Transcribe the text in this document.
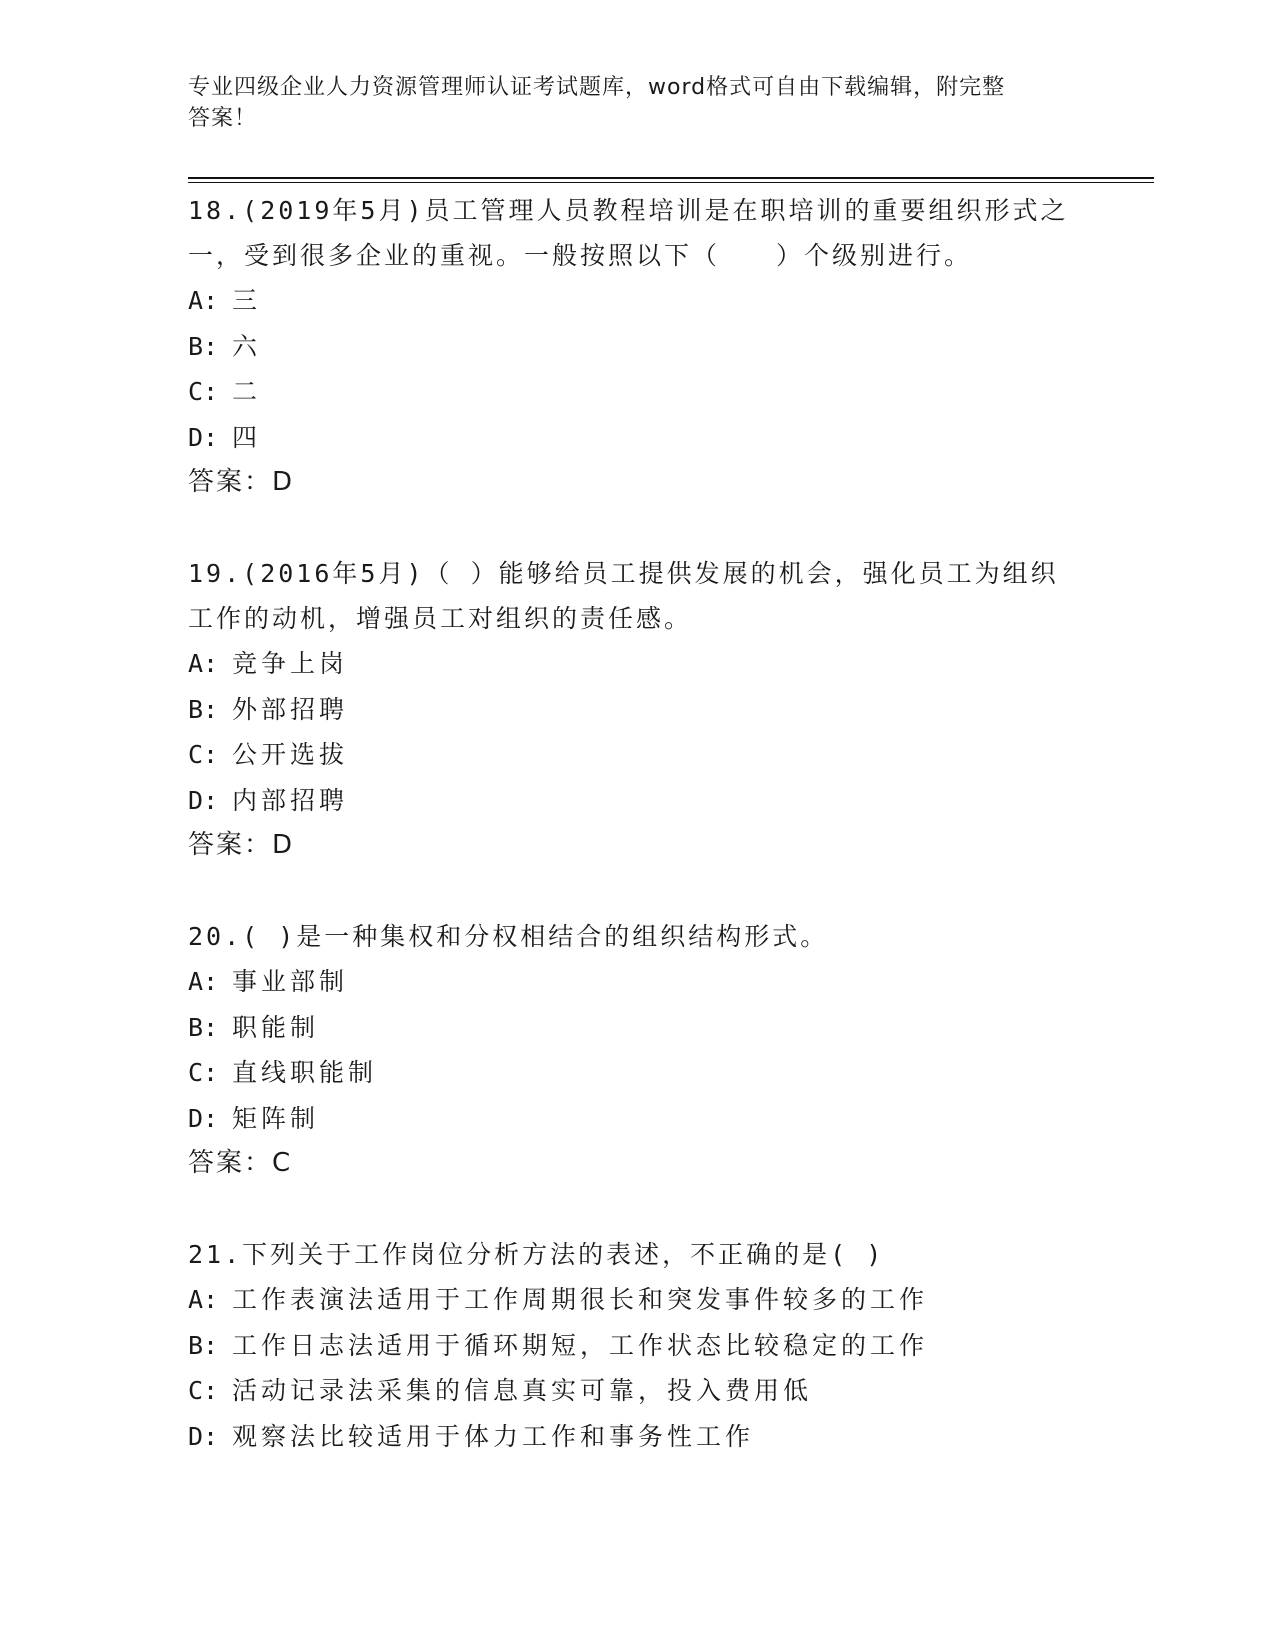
专业四级企业人力资源管理师认证考试题库，word格式可自由下载编辑，附完整
答案！

18.(2019年5月)员工管理人员教程培训是在职培训的重要组织形式之
一，受到很多企业的重视。一般按照以下（　　）个级别进行。

A: 三

B: 六

C: 二

D: 四

答案：D

19.(2016年5月)（ ）能够给员工提供发展的机会，强化员工为组织
工作的动机，增强员工对组织的责任感。

A: 竞争上岗

B: 外部招聘

C: 公开选拔

D: 内部招聘

答案：D

20.( )是一种集权和分权相结合的组织结构形式。

A: 事业部制

B: 职能制

C: 直线职能制

D: 矩阵制

答案：C

21.下列关于工作岗位分析方法的表述，不正确的是( )

A: 工作表演法适用于工作周期很长和突发事件较多的工作

B: 工作日志法适用于循环期短，工作状态比较稳定的工作

C: 活动记录法采集的信息真实可靠，投入费用低

D: 观察法比较适用于体力工作和事务性工作
